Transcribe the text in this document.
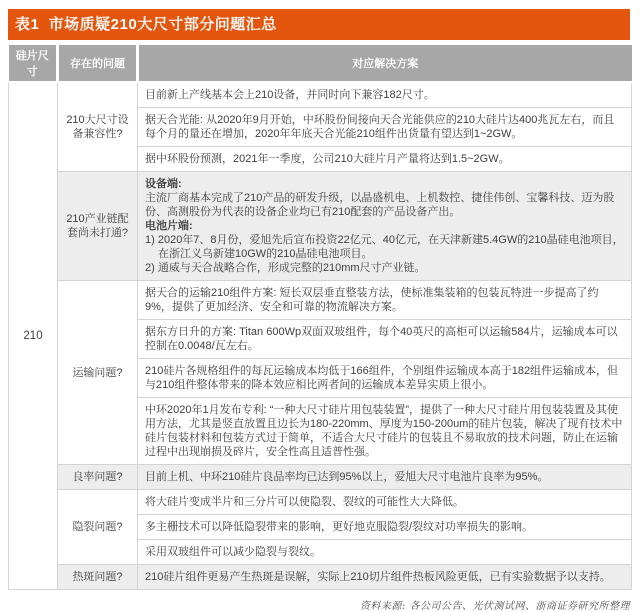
表1  市场质疑210大尺寸部分问题汇总
硅片尺寸	存在的问题	对应解决方案
210	210大尺寸设备兼容性?	目前新上产线基本会上210设备，并同时向下兼容182尺寸。
		据天合光能: 从2020年9月开始，中环股份间接向天合光能供应的210大硅片达400兆瓦左右，而且每个月的量还在增加，2020年年底天合光能210组件出货量有望达到1~2GW。
		据中环股份预测，2021年一季度，公司210大硅片月产量将达到1.5~2GW。
	210产业链配套尚未打通?	设备端:
主流厂商基本完成了210产品的研发升级，以晶盛机电、上机数控、捷佳伟创、宝馨科技、迈为股份、高测股份为代表的设备企业均已有210配套的产品设备产出。
电池片端:
1) 2020年7、8月份，爱旭先后宣布投资22亿元、40亿元，在天津新建5.4GW的210晶硅电池项目，在浙江义乌新建10GW的210晶硅电池项目。
2) 通威与天合战略合作，形成完整的210mm尺寸产业链。

	运输问题?	据天合的运输210组件方案: 短长双层垂直整装方法，使标准集装箱的包装瓦特进一步提高了约9%，提供了更加经济、安全和可靠的物流解决方案。
		据东方日升的方案: Titan 600Wp双面双玻组件，每个40英尺的高柜可以运输584片，运输成本可以控制在0.0048/瓦左右。
		210硅片各规格组件的每瓦运输成本均低于166组件，个别组件运输成本高于182组件运输成本，但与210组件整体带来的降本效应相比两者间的运输成本差异实质上很小。
		中环2020年1月发布专利: “一种大尺寸硅片用包装装置”，提供了一种大尺寸硅片用包装装置及其使用方法，尤其是竖直放置且边长为180-220mm、厚度为150-200um的硅片包装，解决了现有技术中硅片包装材料和包装方式过于简单，不适合大尺寸硅片的包装且不易取放的技术问题，防止在运输过程中出现崩损及碎片，安全性高且适普性强。
	良率问题?	目前上机、中环210硅片良品率均已达到95%以上，爱旭大尺寸电池片良率为95%。
	隐裂问题?	将大硅片变成半片和三分片可以使隐裂、裂纹的可能性大大降低。
		多主栅技术可以降低隐裂带来的影响，更好地克服隐裂/裂纹对功率损失的影响。
		采用双玻组件可以减少隐裂与裂纹。
	热斑问题?	210硅片组件更易产生热斑是误解，实际上210切片组件热板风险更低，已有实验数据予以支持。
资料来源: 各公司公告、光伏测试网、浙商证券研究所整理
